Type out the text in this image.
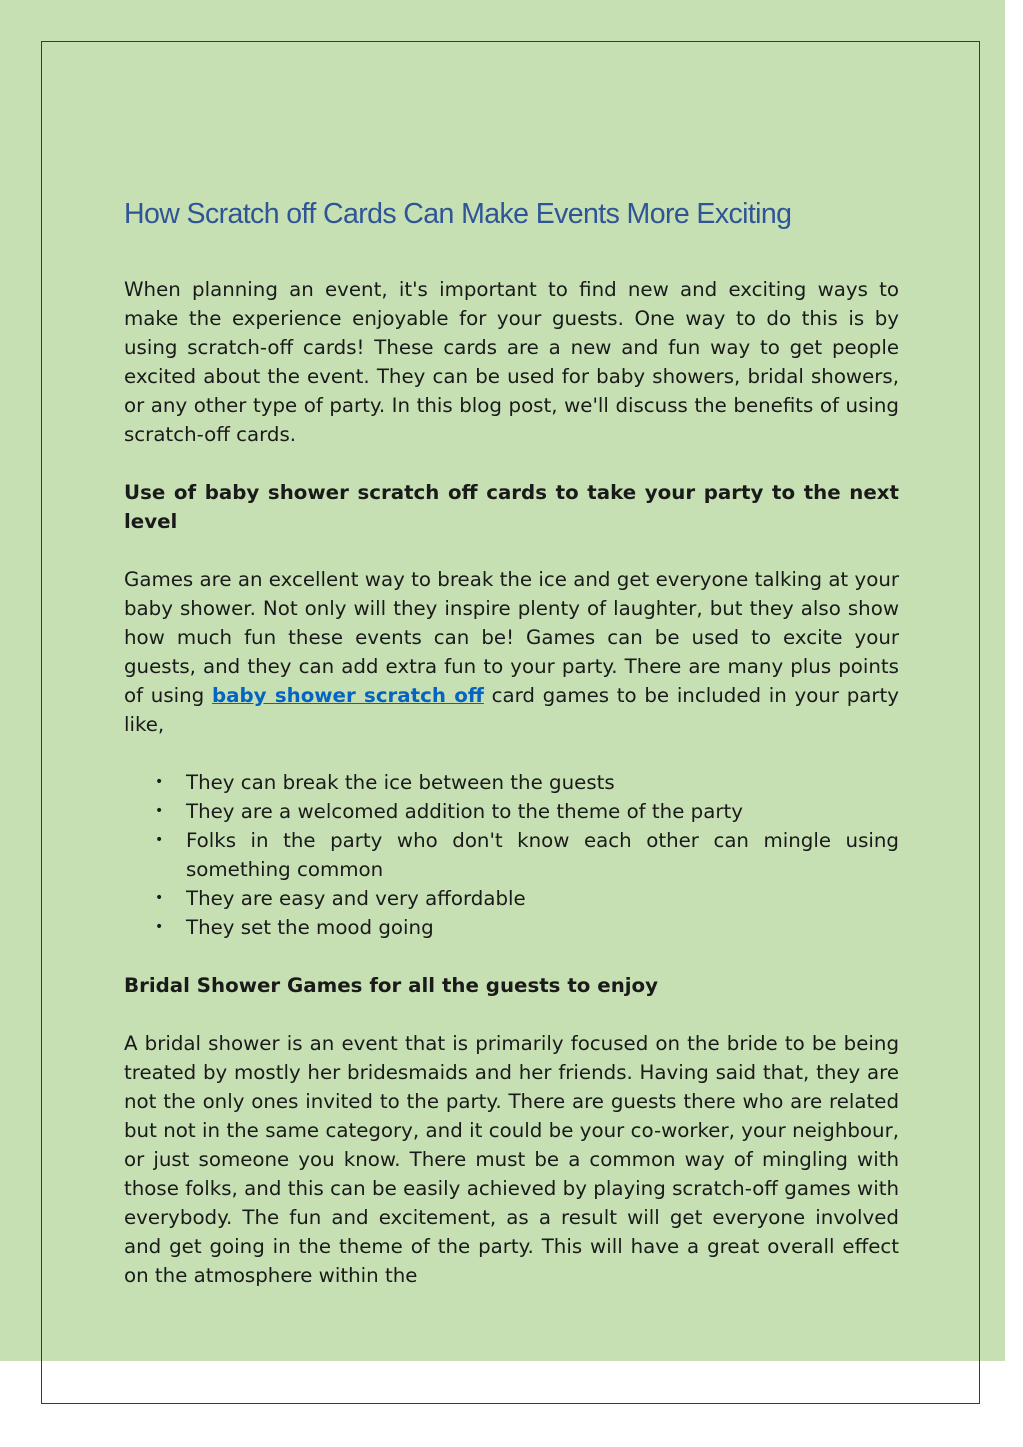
How Scratch off Cards Can Make Events More Exciting

When planning an event, it's important to find new and exciting ways to make the experience enjoyable for your guests. One way to do this is by using scratch-off cards! These cards are a new and fun way to get people excited about the event. They can be used for baby showers, bridal showers, or any other type of party. In this blog post, we'll discuss the benefits of using scratch-off cards.

Use of baby shower scratch off cards to take your party to the next level

Games are an excellent way to break the ice and get everyone talking at your baby shower. Not only will they inspire plenty of laughter, but they also show how much fun these events can be! Games can be used to excite your guests, and they can add extra fun to your party. There are many plus points of using baby shower scratch off card games to be included in your party like,

• They can break the ice between the guests
• They are a welcomed addition to the theme of the party
• Folks in the party who don't know each other can mingle using something common
• They are easy and very affordable
• They set the mood going

Bridal Shower Games for all the guests to enjoy

A bridal shower is an event that is primarily focused on the bride to be being treated by mostly her bridesmaids and her friends. Having said that, they are not the only ones invited to the party. There are guests there who are related but not in the same category, and it could be your co-worker, your neighbour, or just someone you know. There must be a common way of mingling with those folks, and this can be easily achieved by playing scratch-off games with everybody. The fun and excitement, as a result will get everyone involved and get going in the theme of the party. This will have a great overall effect on the atmosphere within the
